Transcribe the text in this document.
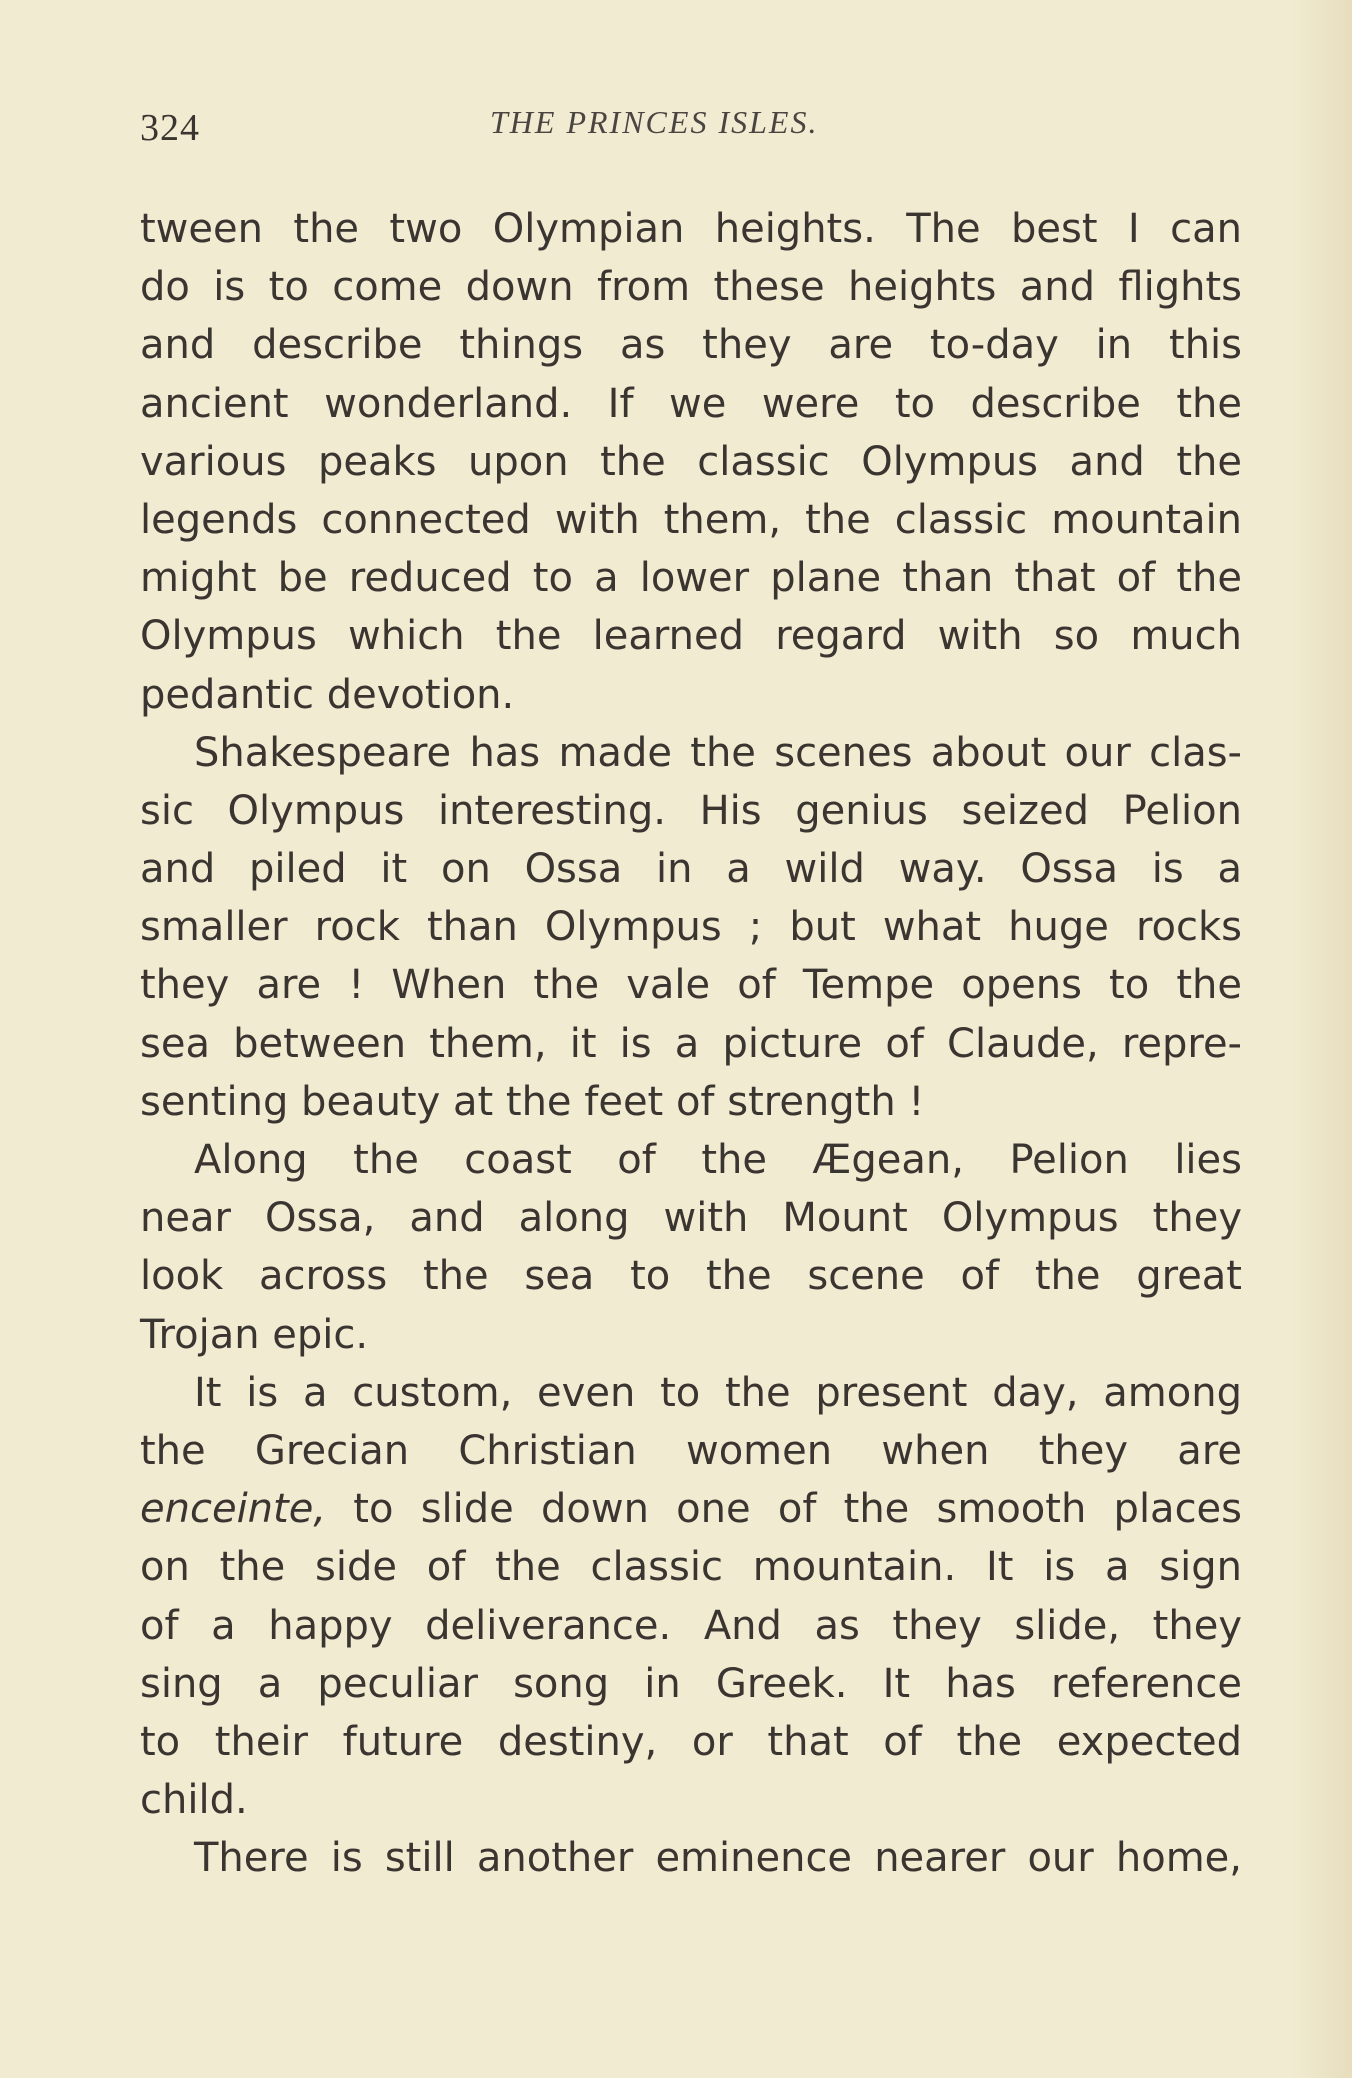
324	THE PRINCES ISLES.
tween the two Olympian heights. The best I can
do is to come down from these heights and flights
and describe things as they are to-day in this
ancient wonderland. If we were to describe the
various peaks upon the classic Olympus and the
legends connected with them, the classic mountain
might be reduced to a lower plane than that of the
Olympus which the learned regard with so much
pedantic devotion.
Shakespeare has made the scenes about our clas-
sic Olympus interesting. His genius seized Pelion
and piled it on Ossa in a wild way. Ossa is a
smaller rock than Olympus ; but what huge rocks
they are ! When the vale of Tempe opens to the
sea between them, it is a picture of Claude, repre-
senting beauty at the feet of strength !
Along the coast of the Ægean, Pelion lies
near Ossa, and along with Mount Olympus they
look across the sea to the scene of the great
Trojan epic.
It is a custom, even to the present day, among
the Grecian Christian women when they are
enceinte, to slide down one of the smooth places
on the side of the classic mountain. It is a sign
of a happy deliverance. And as they slide, they
sing a peculiar song in Greek. It has reference
to their future destiny, or that of the expected
child.
There is still another eminence nearer our home,
